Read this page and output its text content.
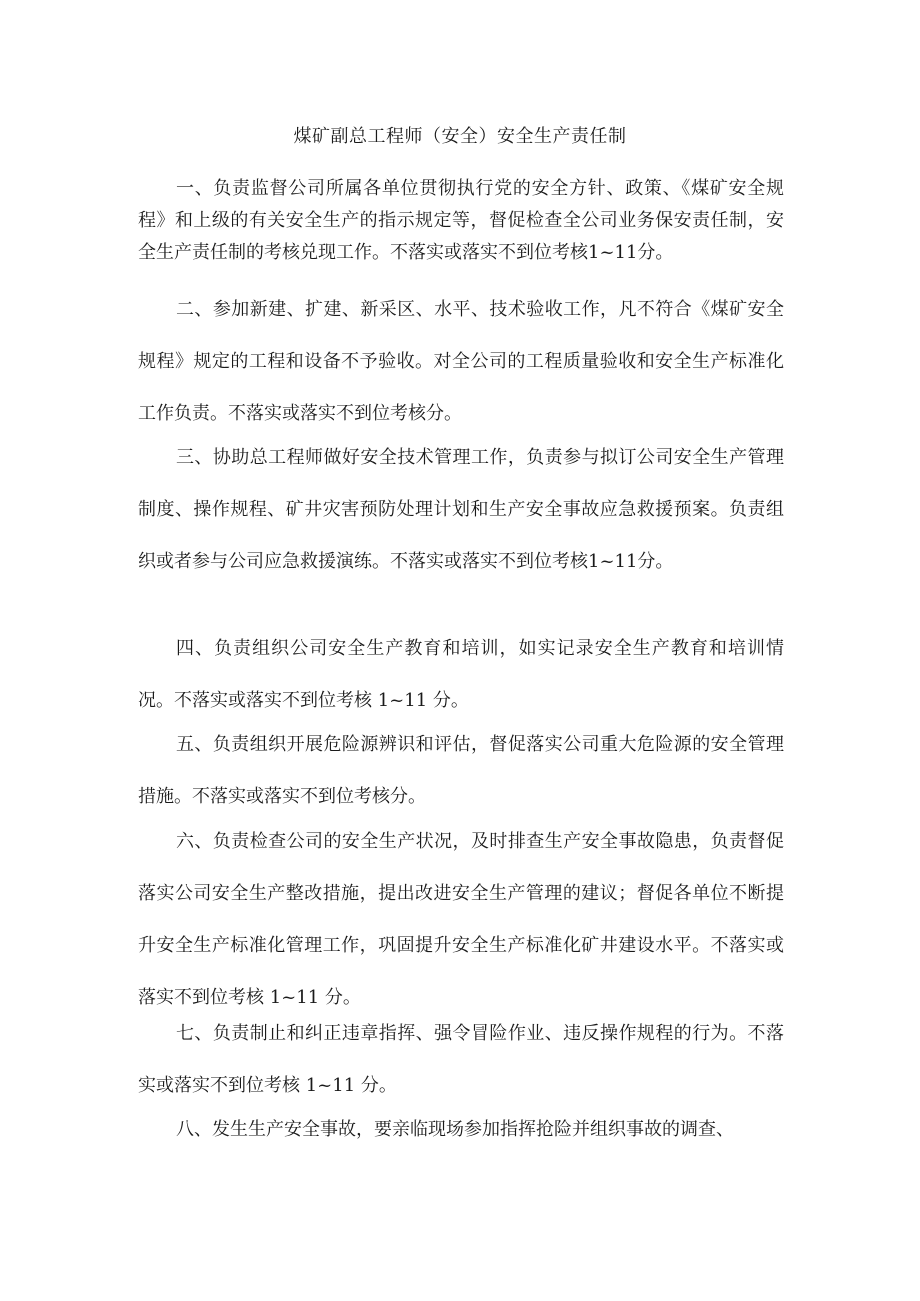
煤矿副总工程师（安全）安全生产责任制

一、负责监督公司所属各单位贯彻执行党的安全方针、政策、《煤矿安全规程》和上级的有关安全生产的指示规定等，督促检查全公司业务保安责任制，安全生产责任制的考核兑现工作。不落实或落实不到位考核1~11分。

二、参加新建、扩建、新采区、水平、技术验收工作，凡不符合《煤矿安全规程》规定的工程和设备不予验收。对全公司的工程质量验收和安全生产标准化工作负责。不落实或落实不到位考核分。

三、协助总工程师做好安全技术管理工作，负责参与拟订公司安全生产管理制度、操作规程、矿井灾害预防处理计划和生产安全事故应急救援预案。负责组织或者参与公司应急救援演练。不落实或落实不到位考核1~11分。

四、负责组织公司安全生产教育和培训，如实记录安全生产教育和培训情况。不落实或落实不到位考核 1~11 分。

五、负责组织开展危险源辨识和评估，督促落实公司重大危险源的安全管理措施。不落实或落实不到位考核分。

六、负责检查公司的安全生产状况，及时排查生产安全事故隐患，负责督促落实公司安全生产整改措施，提出改进安全生产管理的建议；督促各单位不断提升安全生产标准化管理工作，巩固提升安全生产标准化矿井建设水平。不落实或落实不到位考核 1~11 分。

七、负责制止和纠正违章指挥、强令冒险作业、违反操作规程的行为。不落实或落实不到位考核 1~11 分。

八、发生生产安全事故，要亲临现场参加指挥抢险并组织事故的调查、
